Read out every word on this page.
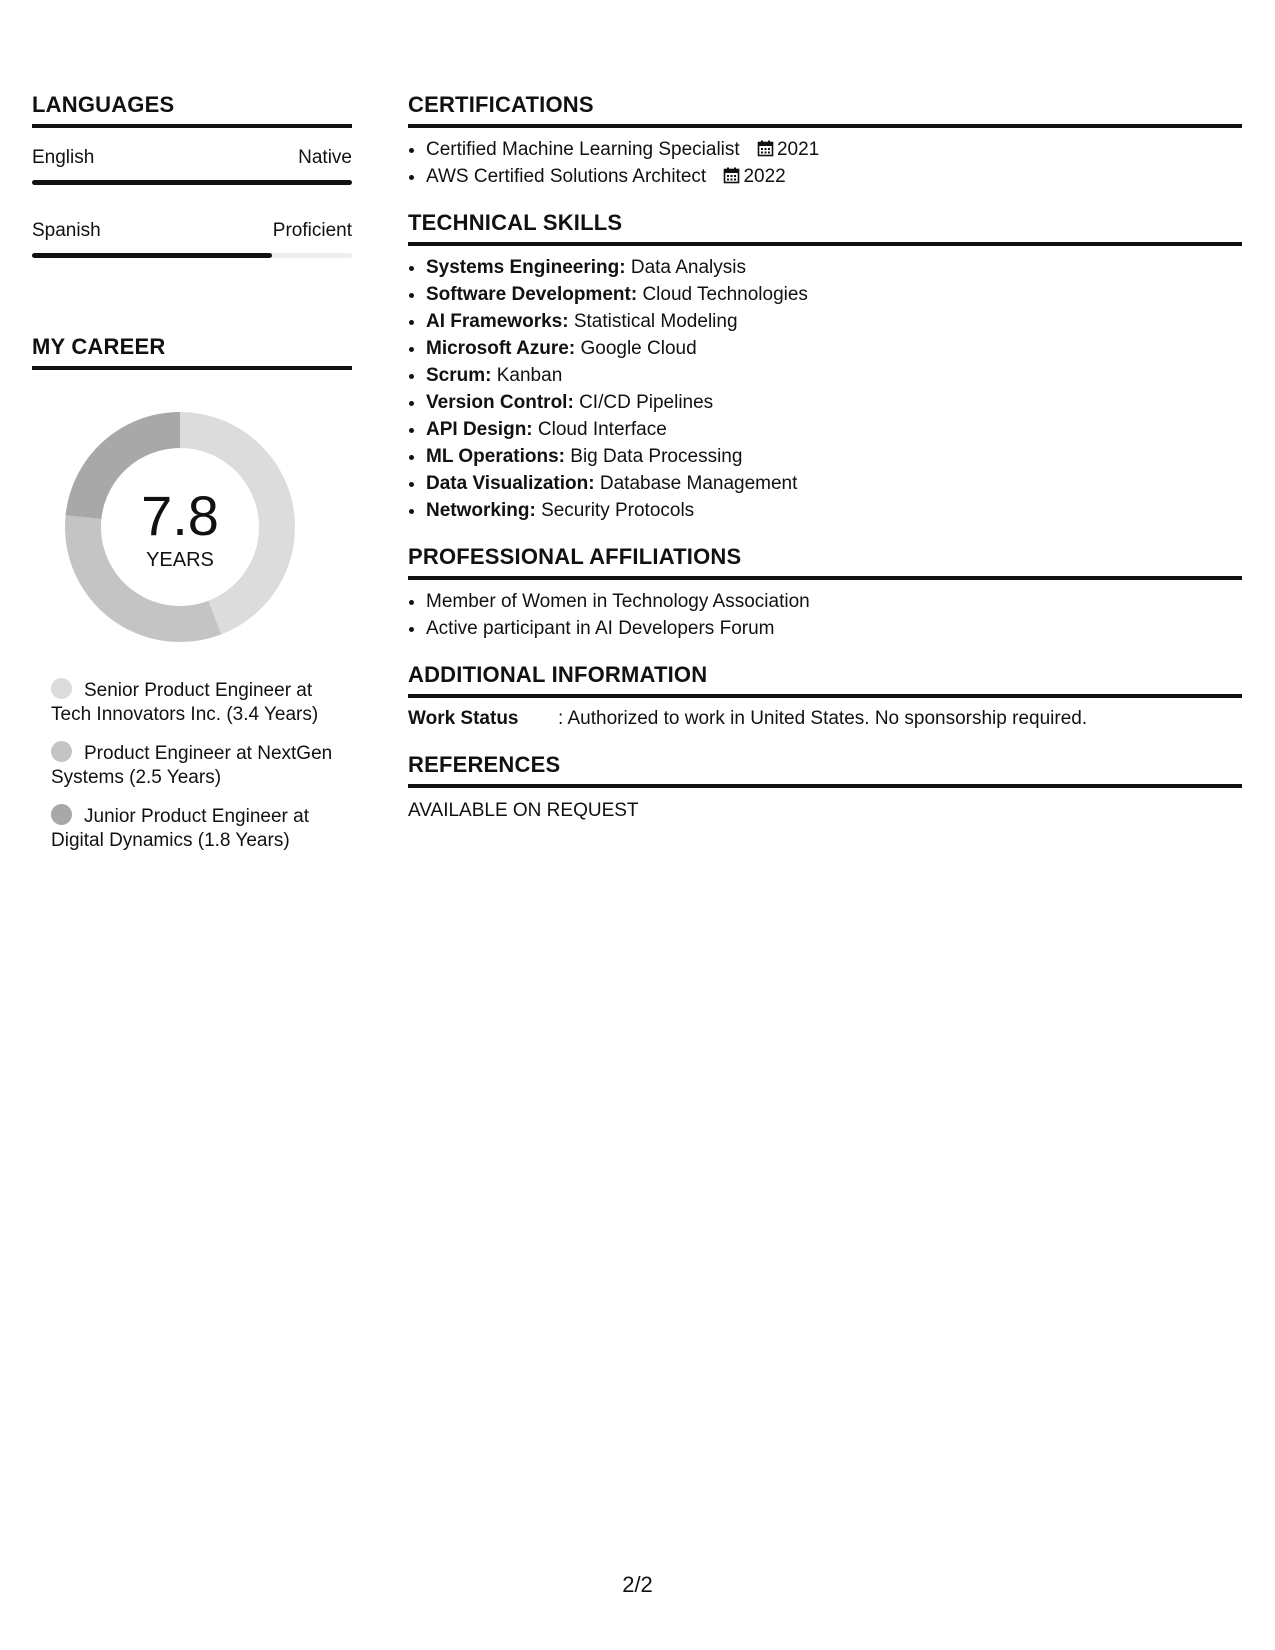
LANGUAGES
English	Native
Spanish	Proficient
MY CAREER
7.8
YEARS
Senior Product Engineer at Tech Innovators Inc. (3.4 Years)
Product Engineer at NextGen Systems (2.5 Years)
Junior Product Engineer at Digital Dynamics (1.8 Years)
CERTIFICATIONS
• Certified Machine Learning Specialist 2021
• AWS Certified Solutions Architect 2022
TECHNICAL SKILLS
• Systems Engineering: Data Analysis
• Software Development: Cloud Technologies
• AI Frameworks: Statistical Modeling
• Microsoft Azure: Google Cloud
• Scrum: Kanban
• Version Control: CI/CD Pipelines
• API Design: Cloud Interface
• ML Operations: Big Data Processing
• Data Visualization: Database Management
• Networking: Security Protocols
PROFESSIONAL AFFILIATIONS
• Member of Women in Technology Association
• Active participant in AI Developers Forum
ADDITIONAL INFORMATION
Work Status	: Authorized to work in United States. No sponsorship required.
REFERENCES
AVAILABLE ON REQUEST
2/2
